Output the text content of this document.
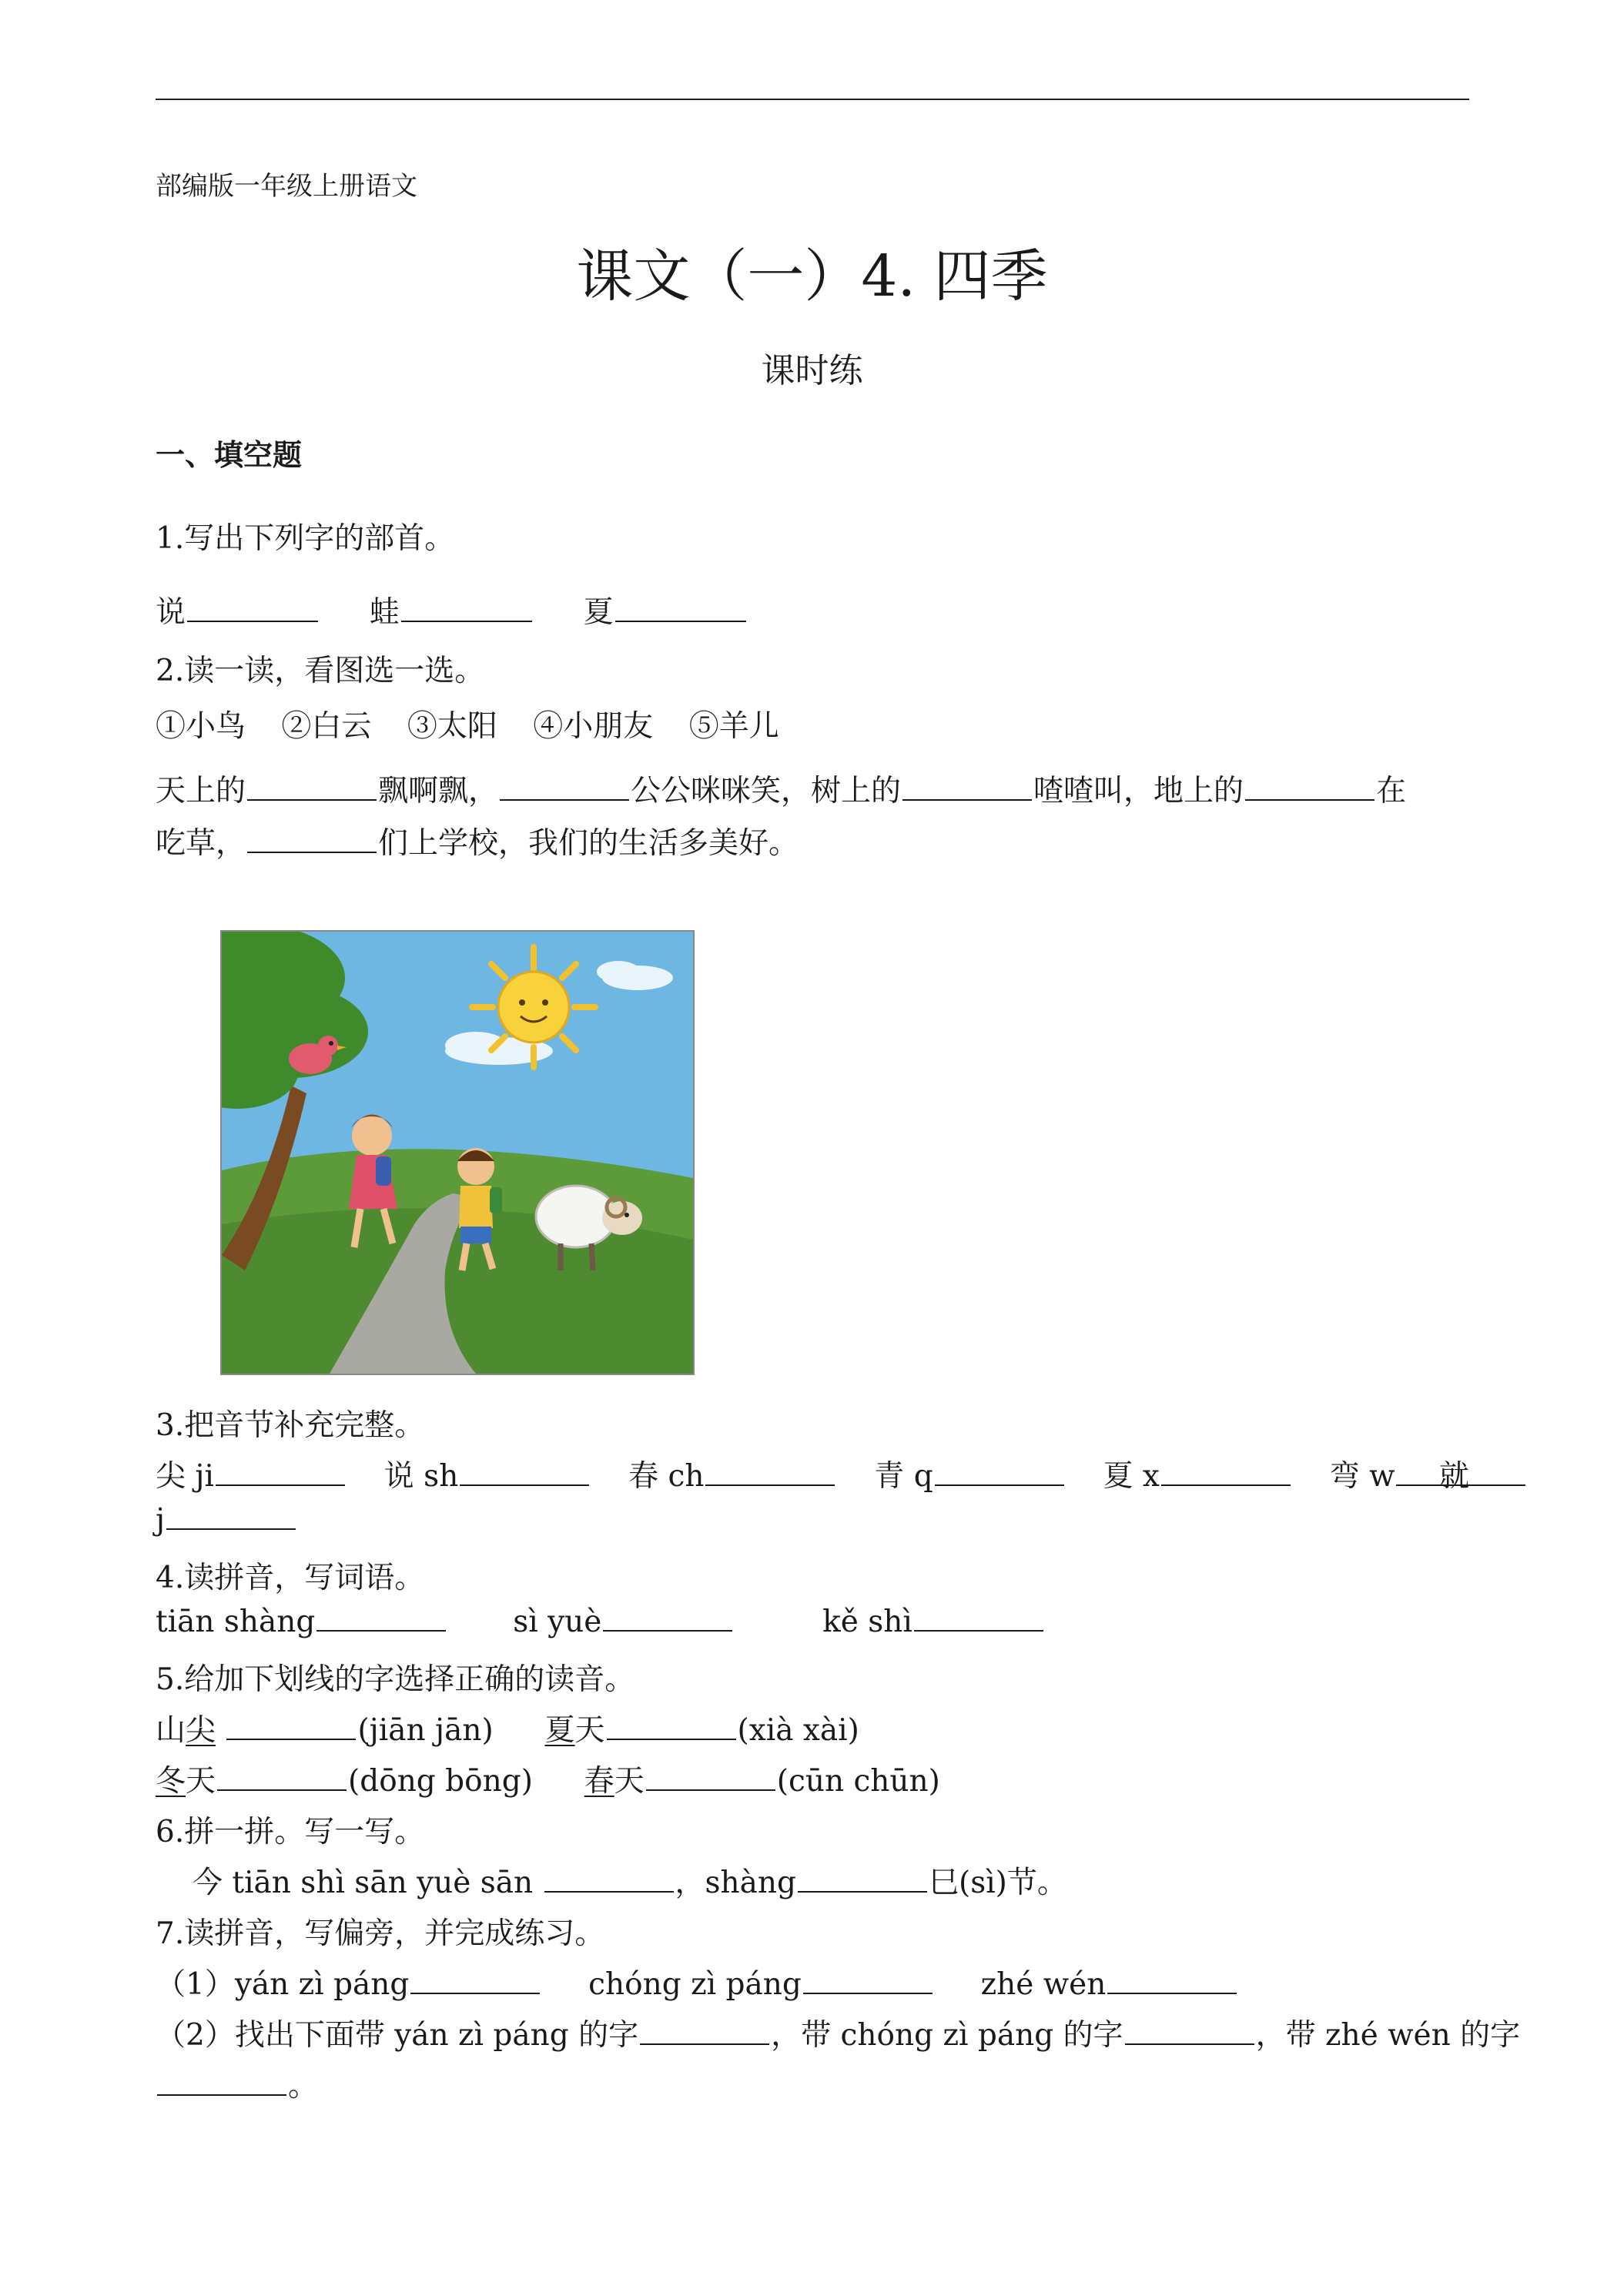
部编版一年级上册语文
课文（一）4. 四季
课时练
一、填空题
1.写出下列字的部首。
说	蛙	夏
2.读一读，看图选一选。
①小鸟 ②白云 ③太阳 ④小朋友 ⑤羊儿
天上的	飘啊飘，	公公咪咪笑，树上的	喳喳叫，地上的	在
吃草，	们上学校，我们的生活多美好。
3.把音节补充完整。
尖 ji	说 sh	春 ch	青 q	夏 x	弯 w	就
j
4.读拼音，写词语。
tiān shàng	sì yuè	kě shì
5.给加下划线的字选择正确的读音。
山尖	(jiān jān) 夏天	(xià xài)
冬天	(dōng bōng) 春天	(cūn chūn)
6.拼一拼。写一写。
今 tiān shì sān yuè sān	，shàng	巳(sì)节。
7.读拼音，写偏旁，并完成练习。
（1）yán zì páng	chóng zì páng	zhé wén
（2）找出下面带 yán zì páng 的字	，带 chóng zì páng 的字	，带 zhé wén 的字
。
